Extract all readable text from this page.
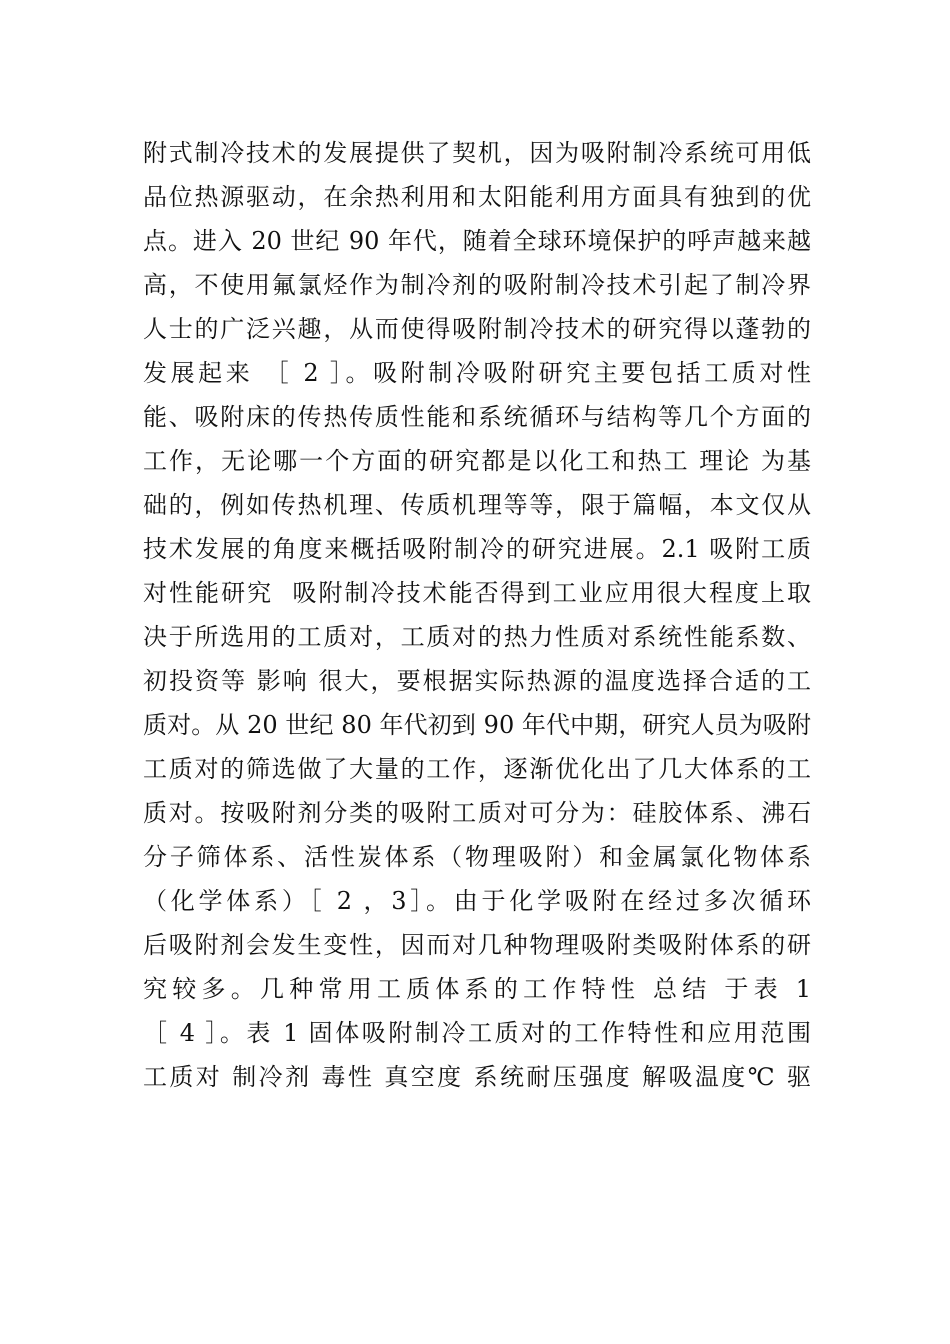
附式制冷技术的发展提供了契机，因为吸附制冷系统可用低
品位热源驱动，在余热利用和太阳能利用方面具有独到的优
点。进入 20 世纪 90 年代，随着全球环境保护的呼声越来越
高，不使用氟氯烃作为制冷剂的吸附制冷技术引起了制冷界
人士的广泛兴趣，从而使得吸附制冷技术的研究得以蓬勃的
发展起来 ［ 2 ］。吸附制冷吸附研究主要包括工质对性
能、吸附床的传热传质性能和系统循环与结构等几个方面的
工作，无论哪一个方面的研究都是以化工和热工 理论 为基
础的，例如传热机理、传质机理等等，限于篇幅，本文仅从
技术发展的角度来概括吸附制冷的研究进展。2.1 吸附工质
对性能研究  吸附制冷技术能否得到工业应用很大程度上取
决于所选用的工质对，工质对的热力性质对系统性能系数、
初投资等 影响 很大，要根据实际热源的温度选择合适的工
质对。从 20 世纪 80 年代初到 90 年代中期，研究人员为吸附
工质对的筛选做了大量的工作，逐渐优化出了几大体系的工
质对。按吸附剂分类的吸附工质对可分为：硅胶体系、沸石
分子筛体系、活性炭体系（物理吸附）和金属氯化物体系
（化学体系）［ 2 ，3］。由于化学吸附在经过多次循环
后吸附剂会发生变性，因而对几种物理吸附类吸附体系的研
究较多。几种常用工质体系的工作特性 总结 于表 1
［ 4 ］。表 1 固体吸附制冷工质对的工作特性和应用范围
工质对 制冷剂 毒性 真空度 系统耐压强度 解吸温度℃ 驱
